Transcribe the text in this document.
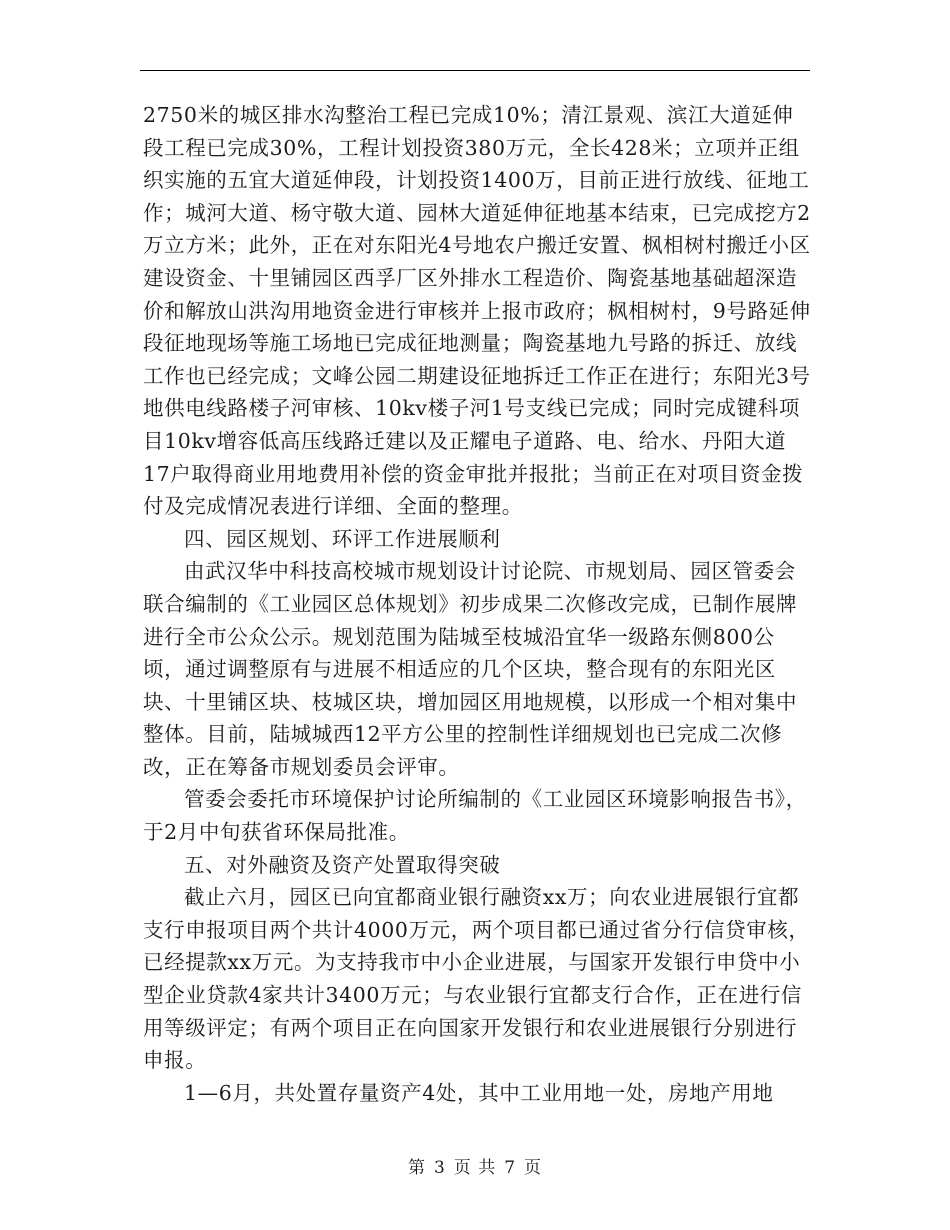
2750米的城区排水沟整治工程已完成10%；清江景观、滨江大道延伸段工程已完成30%，工程计划投资380万元，全长428米；立项并正组织实施的五宜大道延伸段，计划投资1400万，目前正进行放线、征地工作；城河大道、杨守敬大道、园林大道延伸征地基本结束，已完成挖方2万立方米；此外，正在对东阳光4号地农户搬迁安置、枫相树村搬迁小区建设资金、十里铺园区西孚厂区外排水工程造价、陶瓷基地基础超深造价和解放山洪沟用地资金进行审核并上报市政府；枫相树村，9号路延伸段征地现场等施工场地已完成征地测量；陶瓷基地九号路的拆迁、放线工作也已经完成；文峰公园二期建设征地拆迁工作正在进行；东阳光3号地供电线路楼子河审核、10kv楼子河1号支线已完成；同时完成键科项目10kv增容低高压线路迁建以及正耀电子道路、电、给水、丹阳大道17户取得商业用地费用补偿的资金审批并报批；当前正在对项目资金拨付及完成情况表进行详细、全面的整理。

四、园区规划、环评工作进展顺利

由武汉华中科技高校城市规划设计讨论院、市规划局、园区管委会联合编制的《工业园区总体规划》初步成果二次修改完成，已制作展牌进行全市公众公示。规划范围为陆城至枝城沿宜华一级路东侧800公顷，通过调整原有与进展不相适应的几个区块，整合现有的东阳光区块、十里铺区块、枝城区块，增加园区用地规模，以形成一个相对集中整体。目前，陆城城西12平方公里的控制性详细规划也已完成二次修改，正在筹备市规划委员会评审。

管委会委托市环境保护讨论所编制的《工业园区环境影响报告书》，于2月中旬获省环保局批准。

五、对外融资及资产处置取得突破

截止六月，园区已向宜都商业银行融资xx万；向农业进展银行宜都支行申报项目两个共计4000万元，两个项目都已通过省分行信贷审核，已经提款xx万元。为支持我市中小企业进展，与国家开发银行申贷中小型企业贷款4家共计3400万元；与农业银行宜都支行合作，正在进行信用等级评定；有两个项目正在向国家开发银行和农业进展银行分别进行申报。

1—6月，共处置存量资产4处，其中工业用地一处，房地产用地

第 3 页 共 7 页
